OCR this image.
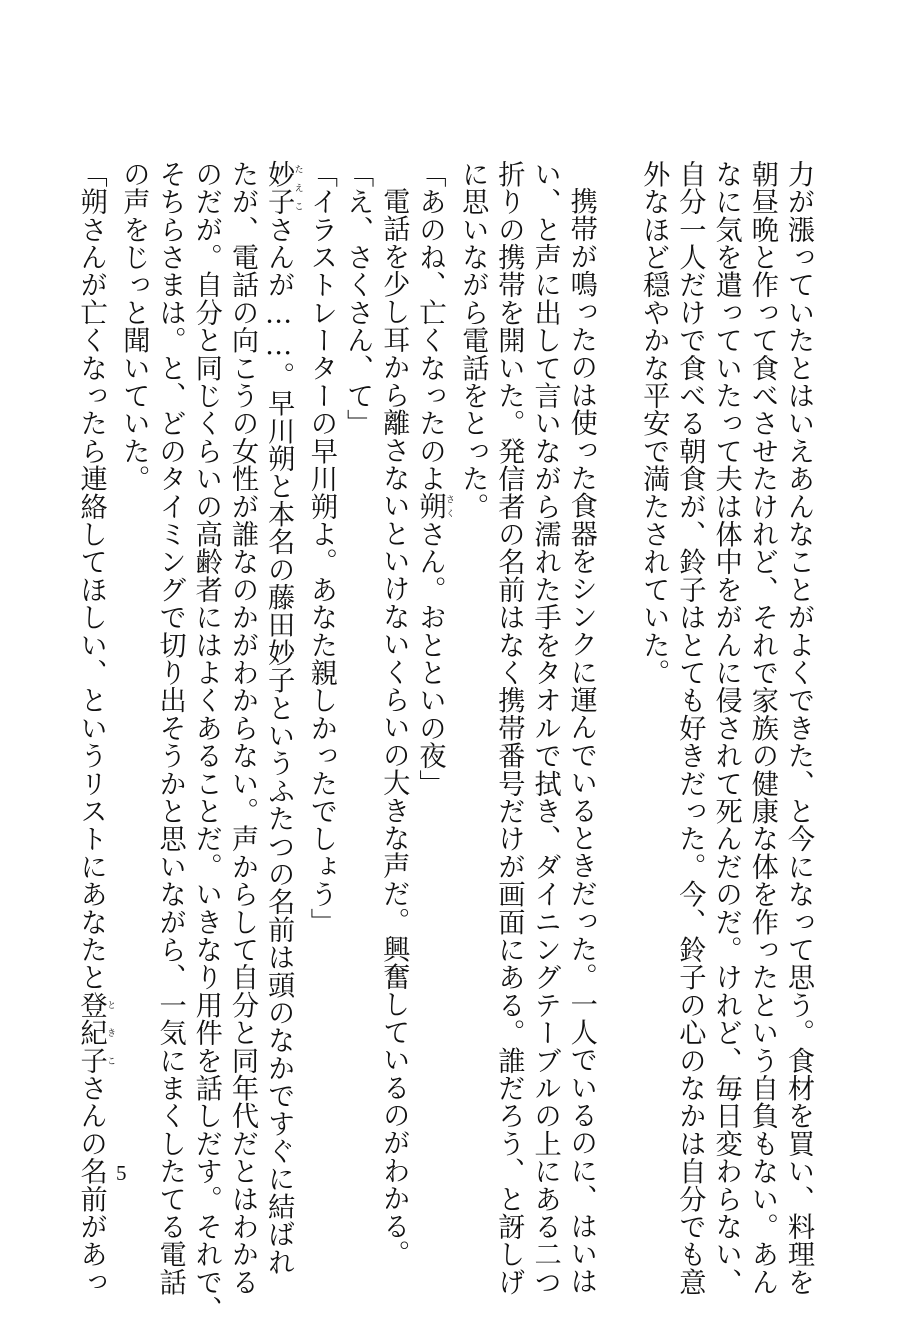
力が漲っていたとはいえあんなことがよくできた、と今になって思う。食材を買い、料理を
朝昼晩と作って食べさせたけれど、それで家族の健康な体を作ったという自負もない。あん
なに気を遣っていたって夫は体中をがんに侵されて死んだのだ。けれど、毎日変わらない、
自分一人だけで食べる朝食が、鈴子はとても好きだった。今、鈴子の心のなかは自分でも意
外なほど穏やかな平安で満たされていた。

携帯が鳴ったのは使った食器をシンクに運んでいるときだった。一人でいるのに、はいは
い、と声に出して言いながら濡れた手をタオルで拭き、ダイニングテーブルの上にある二つ
折りの携帯を開いた。発信者の名前はなく携帯番号だけが画面にある。誰だろう、と訝しげ
に思いながら電話をとった。
「あのね、亡くなったのよ朔さくさん。おとといの夜」
電話を少し耳から離さないといけないくらいの大きな声だ。興奮しているのがわかる。
「え、さくさん、て」
「イラストレーターの早川朔よ。あなた親しかったでしょう」
妙子たえこさんが……。早川朔と本名の藤田妙子というふたつの名前は頭のなかですぐに結ばれ
たが、電話の向こうの女性が誰なのかがわからない。声からして自分と同年代だとはわかる
のだが。自分と同じくらいの高齢者にはよくあることだ。いきなり用件を話しだす。それで、
そちらさまは。と、どのタイミングで切り出そうかと思いながら、一気にまくしたてる電話
の声をじっと聞いていた。
「朔さんが亡くなったら連絡してほしい、というリストにあなたと登紀子ときこさんの名前があっ 5
